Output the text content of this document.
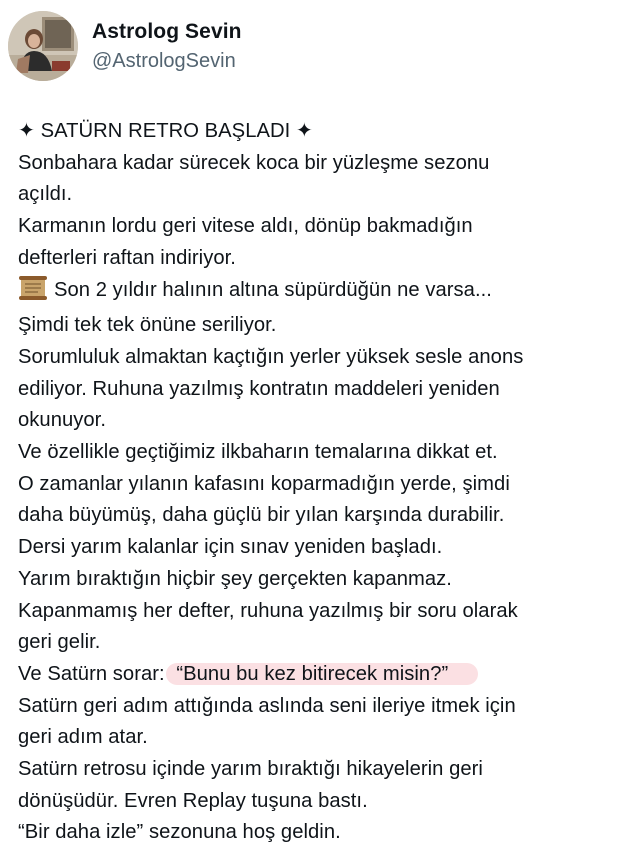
Astrolog Sevin
@AstrologSevin

✦ SATÜRN RETRO BAŞLADI ✦

Sonbahara kadar sürecek koca bir yüzleşme sezonu

açıldı.

Karmanın lordu geri vitese aldı, dönüp bakmadığın

defterleri raftan indiriyor.

Son 2 yıldır halının altına süpürdüğün ne varsa...

Şimdi tek tek önüne seriliyor.

Sorumluluk almaktan kaçtığın yerler yüksek sesle anons

ediliyor. Ruhuna yazılmış kontratın maddeleri yeniden

okunuyor.

Ve özellikle geçtiğimiz ilkbaharın temalarına dikkat et.

O zamanlar yılanın kafasını koparmadığın yerde, şimdi

daha büyümüş, daha güçlü bir yılan karşında durabilir.

Dersi yarım kalanlar için sınav yeniden başladı.

Yarım bıraktığın hiçbir şey gerçekten kapanmaz.

Kapanmamış her defter, ruhuna yazılmış bir soru olarak

geri gelir.

Ve Satürn sorar: “Bunu bu kez bitirecek misin?”

Satürn geri adım attığında aslında seni ileriye itmek için

geri adım atar.

Satürn retrosu içinde yarım bıraktığı hikayelerin geri

dönüşüdür. Evren Replay tuşuna bastı.

“Bir daha izle” sezonuna hoş geldin.
